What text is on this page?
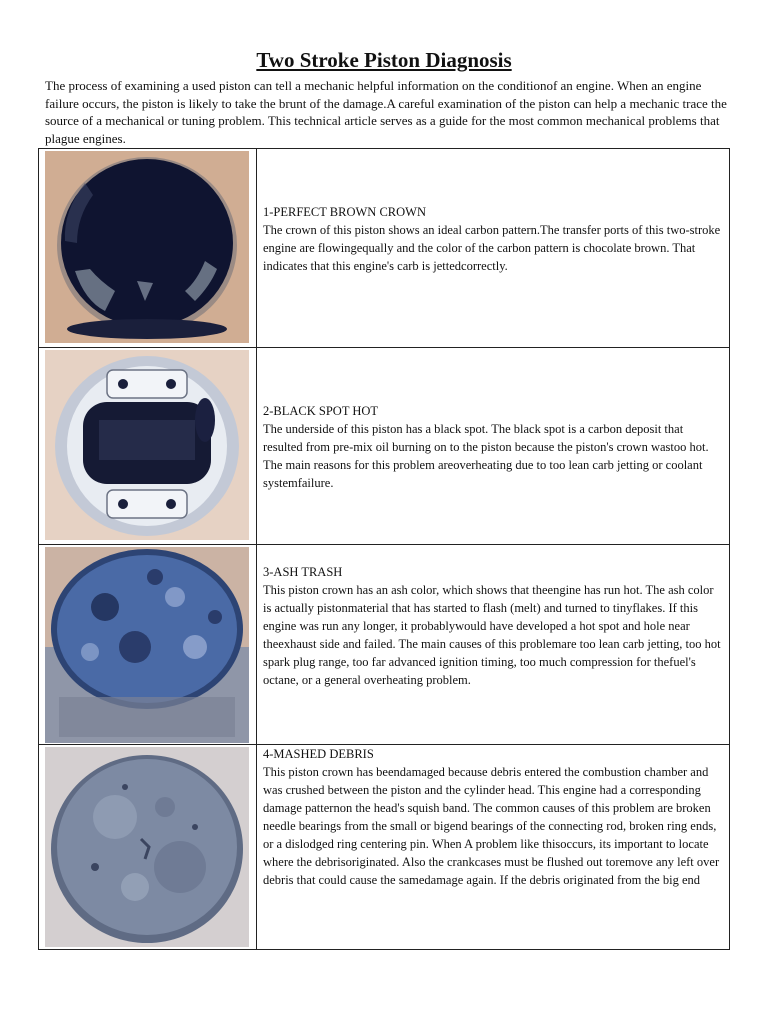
Two Stroke Piston Diagnosis
The process of examining a used piston can tell a mechanic helpful information on the conditionof an engine. When an engine failure occurs, the piston is likely to take the brunt of the damage.A careful examination of the piston can help a mechanic trace the source of a mechanical or tuning problem. This technical article serves as a guide for the most common mechanical problems that plague engines.
1-PERFECT BROWN CROWN
The crown of this piston shows an ideal carbon pattern.The transfer ports of this two-stroke engine are flowingequally and the color of the carbon pattern is chocolate brown. That indicates that this engine's carb is jettedcorrectly.
2-BLACK SPOT HOT
The underside of this piston has a black spot. The black spot is a carbon deposit that resulted from pre-mix oil burning on to the piston because the piston's crown wastoo hot. The main reasons for this problem areoverheating due to too lean carb jetting or coolant systemfailure.
3-ASH TRASH
This piston crown has an ash color, which shows that theengine has run hot. The ash color is actually pistonmaterial that has started to flash (melt) and turned to tinyflakes. If this engine was run any longer, it probablywould have developed a hot spot and hole near theexhaust side and failed. The main causes of this problemare too lean carb jetting, too hot spark plug range, too far advanced ignition timing, too much compression for thefuel's octane, or a general overheating problem.
4-MASHED DEBRIS
This piston crown has beendamaged because debris entered the combustion chamber and was crushed between the piston and the cylinder head. This engine had a corresponding damage patternon the head's squish band. The common causes of this problem are broken needle bearings from the small or bigend bearings of the connecting rod, broken ring ends, or a dislodged ring centering pin. When A problem like thisoccurs, its important to locate where the debrisoriginated. Also the crankcases must be flushed out toremove any left over debris that could cause the samedamage again. If the debris originated from the big end
